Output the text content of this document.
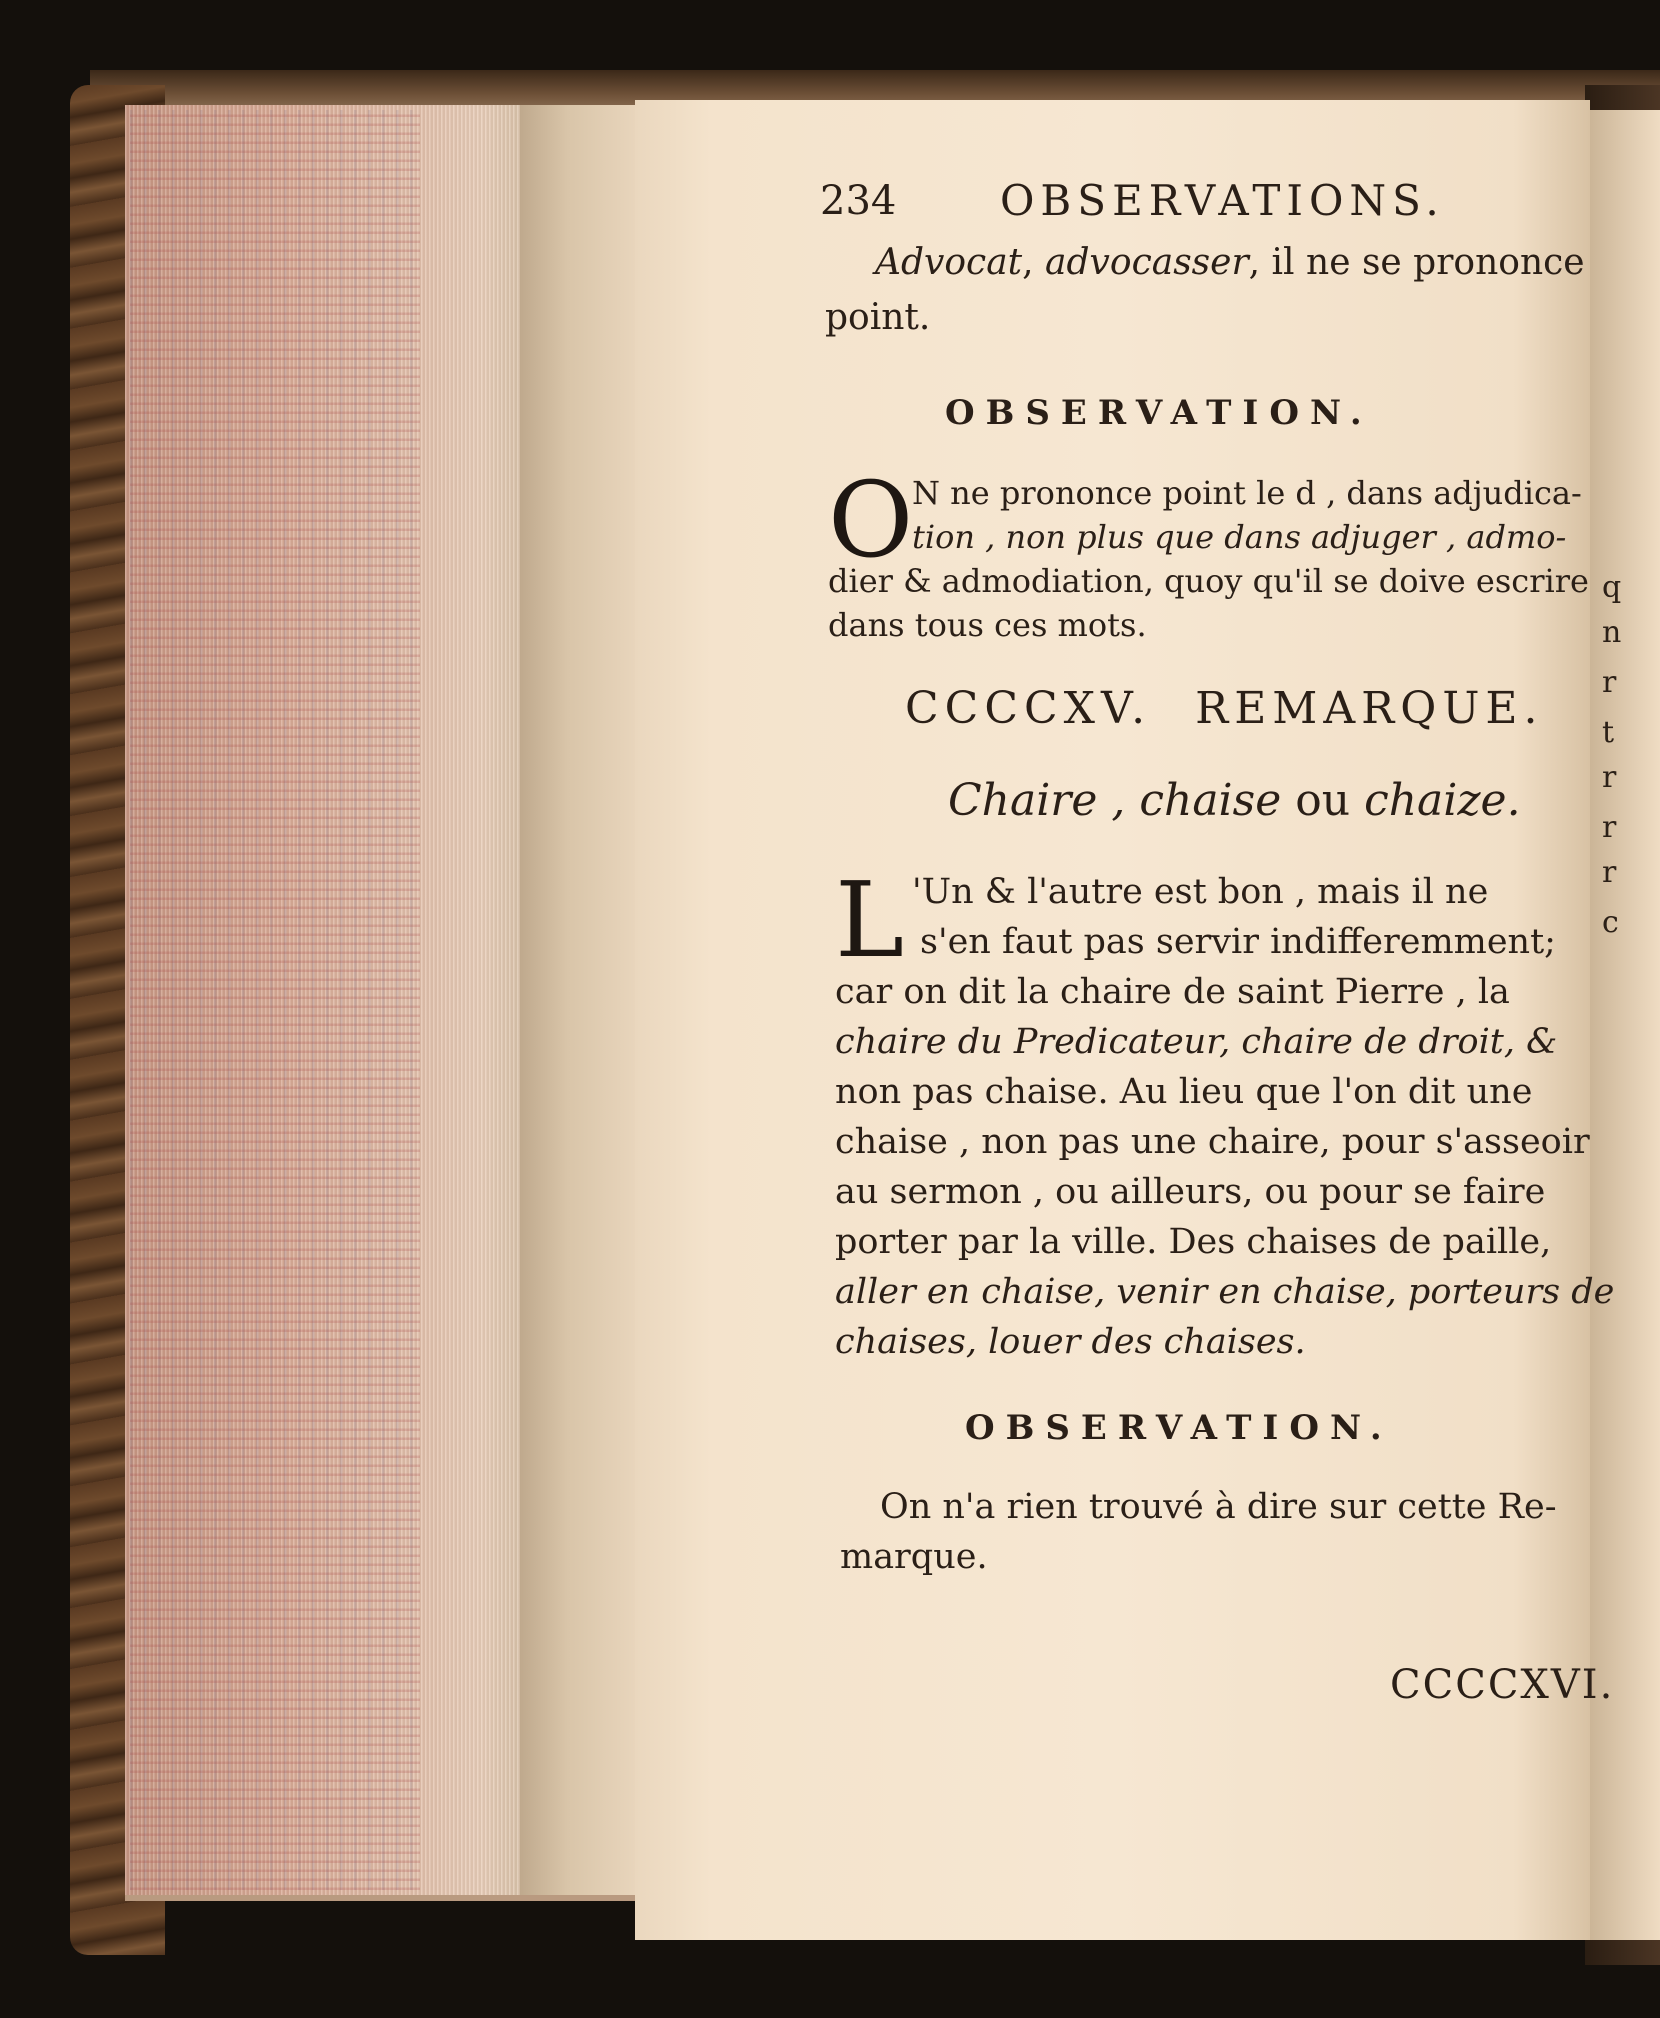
q
n
r
t
r
r
r
c
234 OBSERVATIONS.
Advocat, advocasser, il ne se prononce
point.
OBSERVATION.
O
N ne prononce point le d , dans adjudica-
tion , non plus que dans adjuger , admo-
dier & admodiation, quoy qu'il se doive escrire
dans tous ces mots.
CCCCXV. REMARQUE.
Chaire , chaise ou chaize.
L 'Un & l'autre est bon , mais il ne
s'en faut pas servir indifferemment;
car on dit la chaire de saint Pierre , la
chaire du Predicateur, chaire de droit, &
non pas chaise. Au lieu que l'on dit une
chaise , non pas une chaire, pour s'asseoir
au sermon , ou ailleurs, ou pour se faire
porter par la ville. Des chaises de paille,
aller en chaise, venir en chaise, porteurs de
chaises, louer des chaises.
OBSERVATION.
On n'a rien trouvé à dire sur cette Re-
marque.
CCCCXVI.
